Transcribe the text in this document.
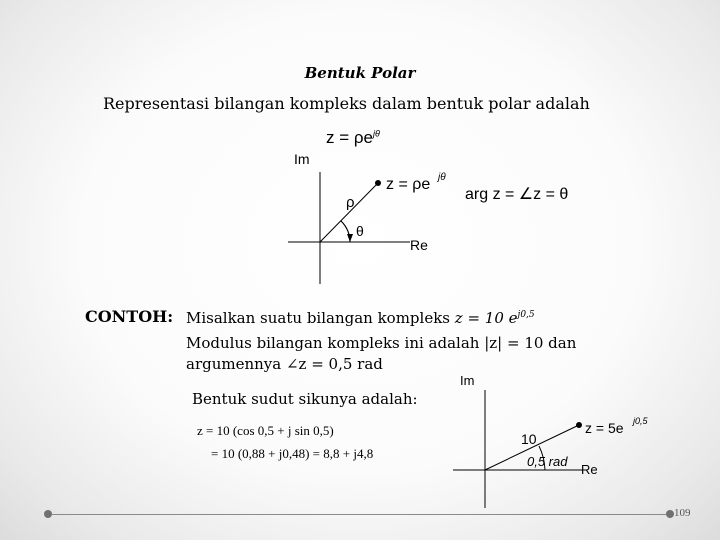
Bentuk Polar
Representasi bilangan kompleks dalam bentuk polar adalah
$z = \rho e^{j\theta}$
Im
Re
z = ρe jθ
ρ
θ
arg z = ∠z = θ
CONTOH: Misalkan suatu bilangan kompleks z = 10 $e^{j0,5}$
Modulus bilangan kompleks ini adalah |z| = 10 dan
argumennya ∠z = 0,5 rad
Bentuk sudut sikunya adalah:
z = 10 (cos 0,5 + j sin 0,5)
= 10 (0,88 + j0,48) = 8,8 + j4,8
Im
Re
z = 5e j0,5
10
0,5 rad
109
